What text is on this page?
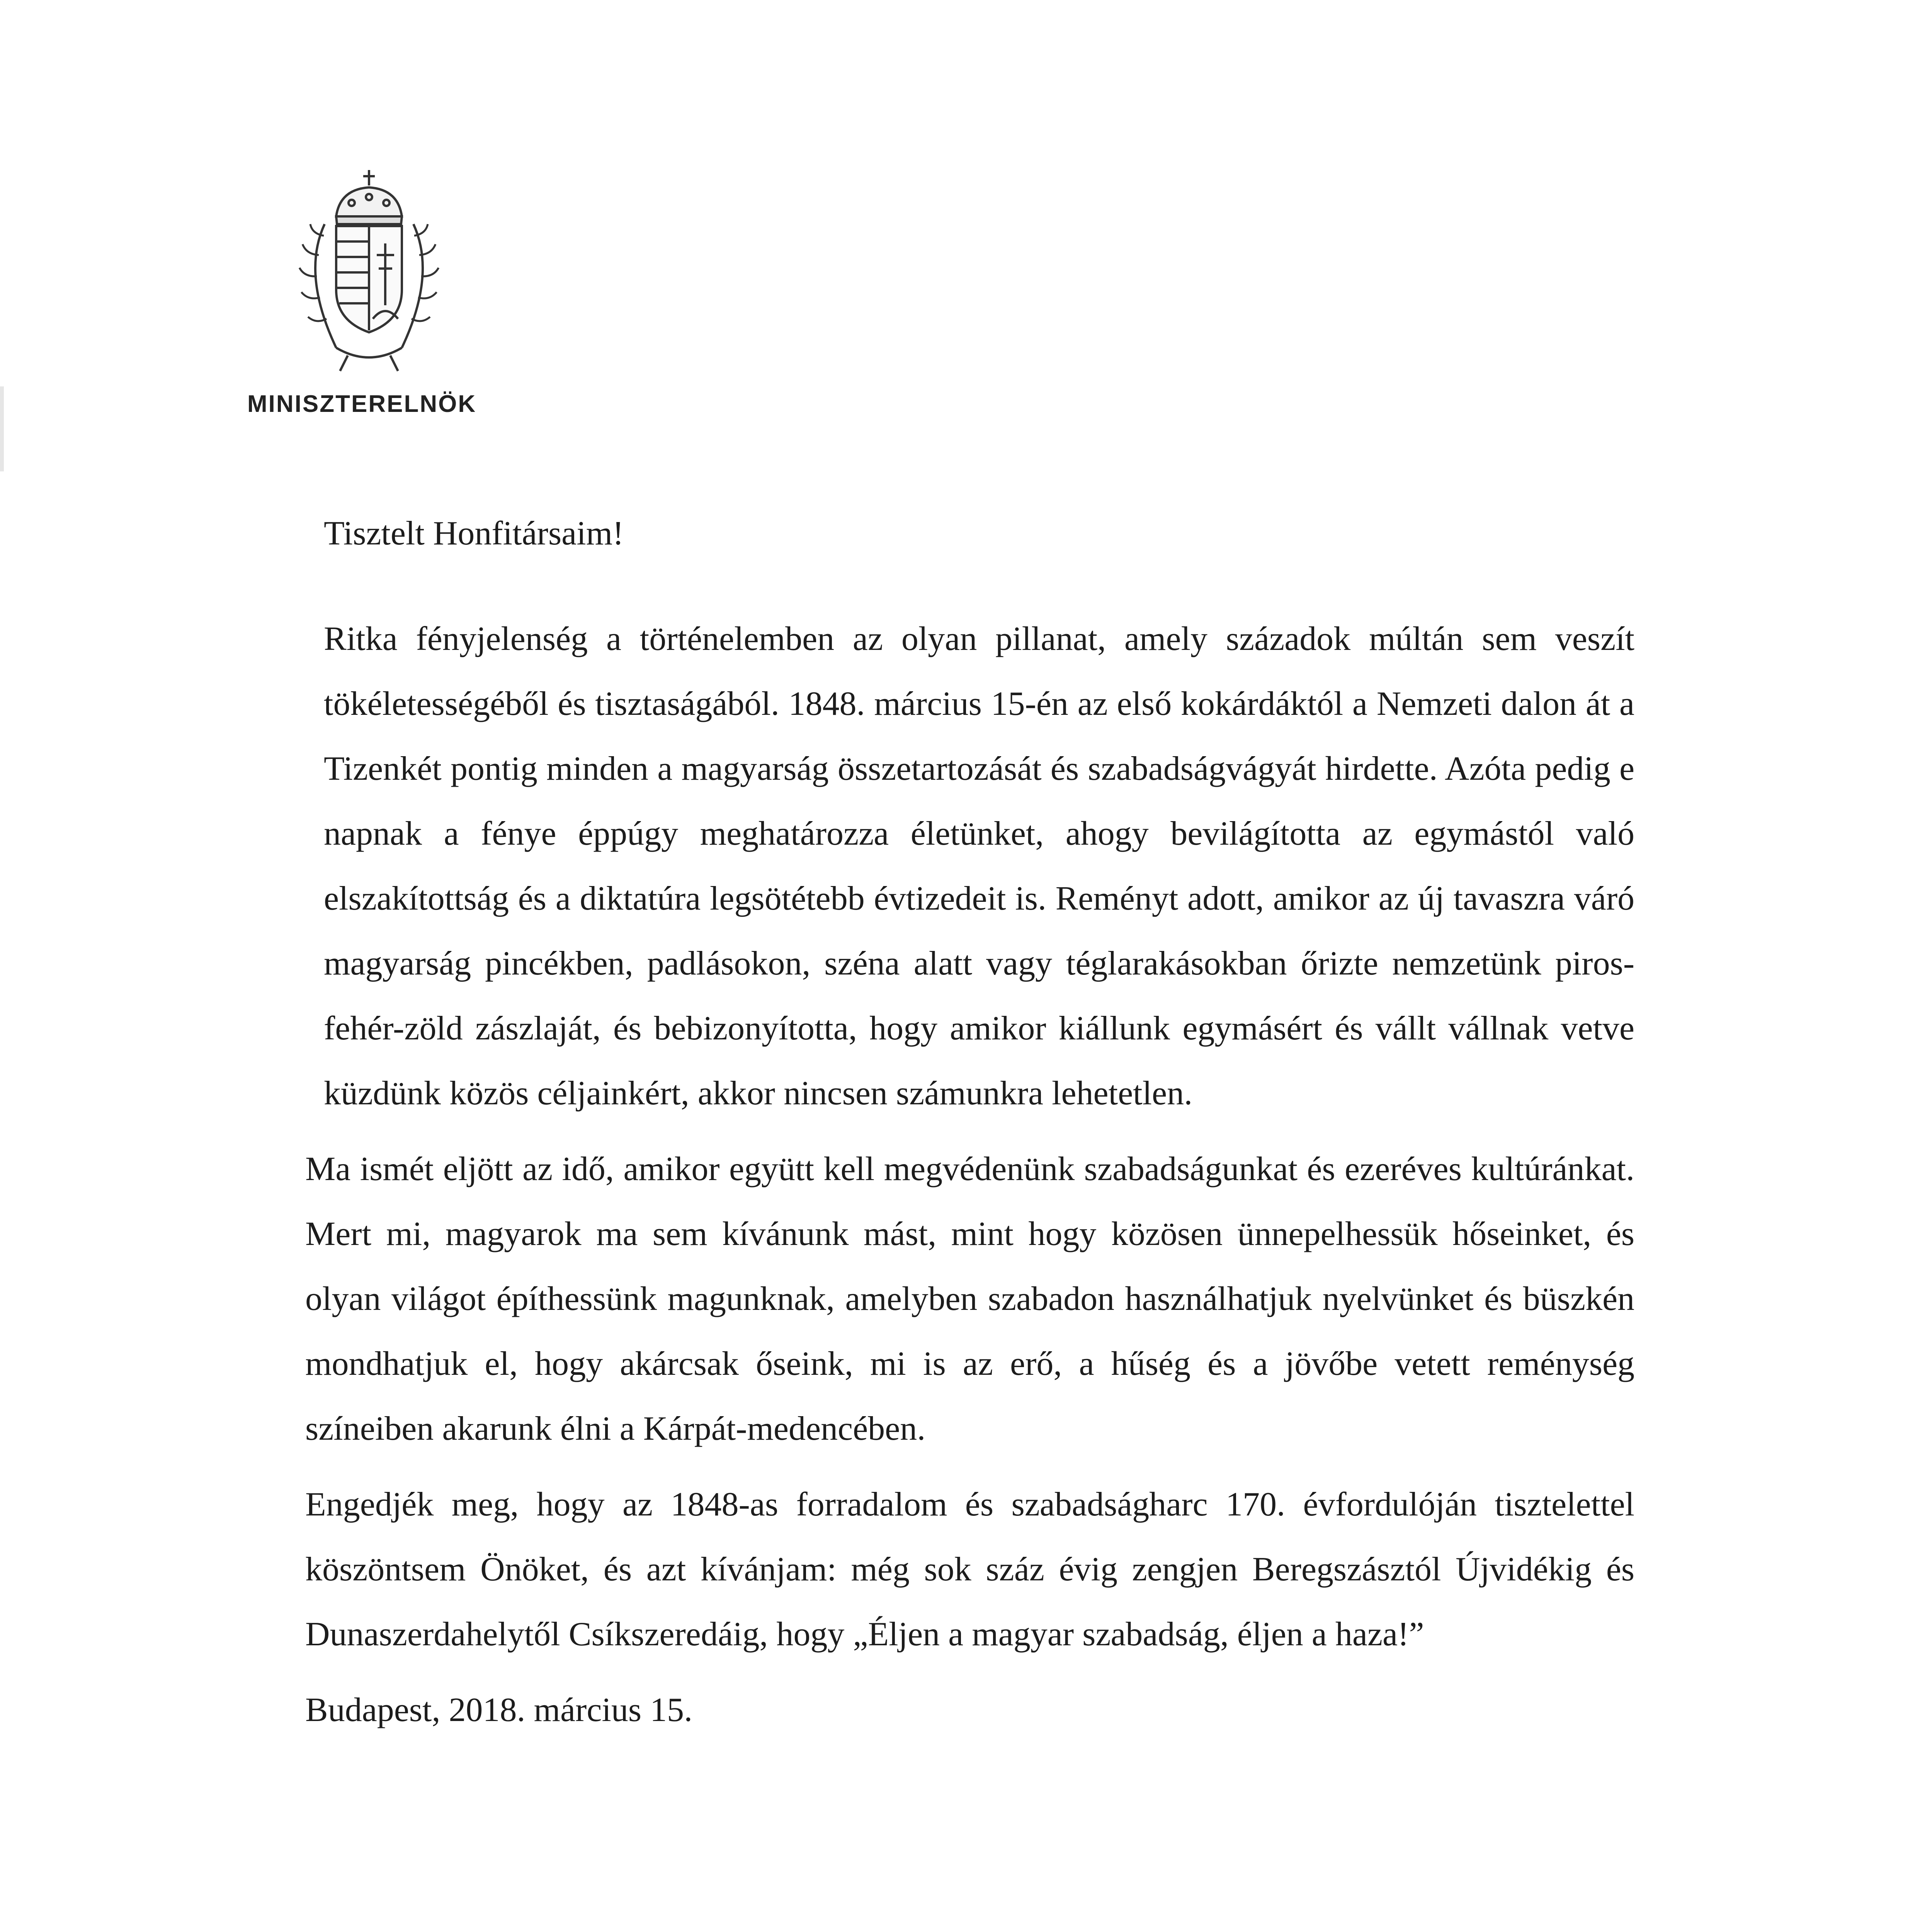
MINISZTERELNÖK
Tisztelt Honfitársaim!

Ritka fényjelenség a történelemben az olyan pillanat, amely századok múltán sem veszít tökéletességéből és tisztaságából. 1848. március 15-én az első kokárdáktól a Nemzeti dalon át a Tizenkét pontig minden a magyarság összetartozását és szabadságvágyát hirdette. Azóta pedig e napnak a fénye éppúgy meghatározza életünket, ahogy bevilágította az egymástól való elszakítottság és a diktatúra legsötétebb évtizedeit is. Reményt adott, amikor az új tavaszra váró magyarság pincékben, padlásokon, széna alatt vagy téglarakásokban őrizte nemzetünk piros-fehér-zöld zászlaját, és bebizonyította, hogy amikor kiállunk egymásért és vállt vállnak vetve küzdünk közös céljainkért, akkor nincsen számunkra lehetetlen.

Ma ismét eljött az idő, amikor együtt kell megvédenünk szabadságunkat és ezeréves kultúránkat. Mert mi, magyarok ma sem kívánunk mást, mint hogy közösen ünnepelhessük hőseinket, és olyan világot építhessünk magunknak, amelyben szabadon használhatjuk nyelvünket és büszkén mondhatjuk el, hogy akárcsak őseink, mi is az erő, a hűség és a jövőbe vetett reménység színeiben akarunk élni a Kárpát-medencében.

Engedjék meg, hogy az 1848-as forradalom és szabadságharc 170. évfordulóján tisztelettel köszöntsem Önöket, és azt kívánjam: még sok száz évig zengjen Beregszásztól Újvidékig és Dunaszerdahelytől Csíkszeredáig, hogy „Éljen a magyar szabadság, éljen a haza!”

Budapest, 2018. március 15.
